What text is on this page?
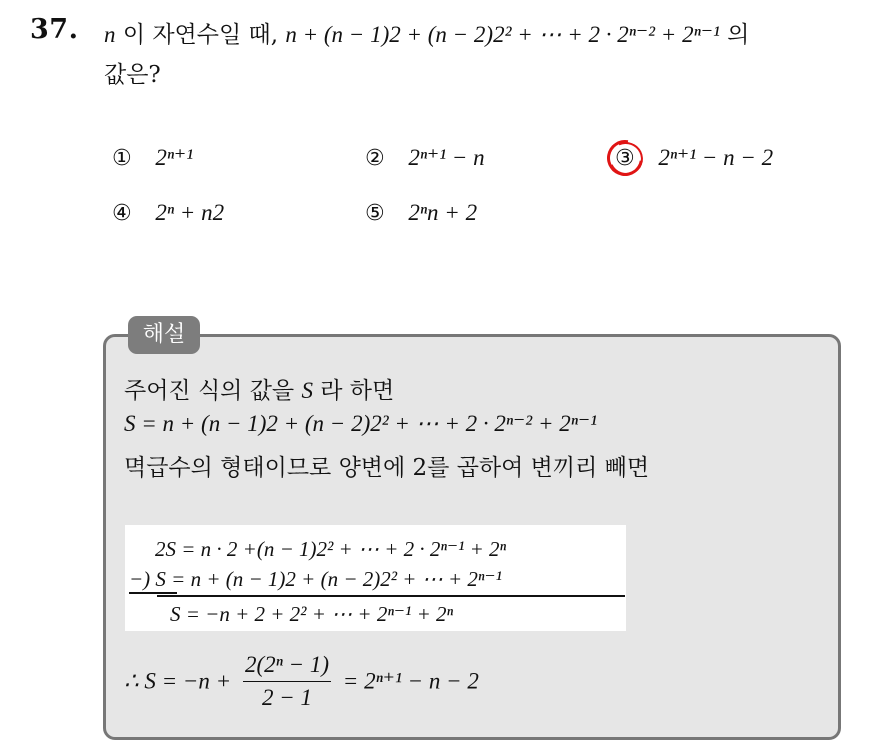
37. n 이 자연수일 때, n + (n − 1)2 + (n − 2)2² + ⋯ + 2 · 2ⁿ⁻² + 2ⁿ⁻¹ 의
값은?
① 2ⁿ⁺¹	② 2ⁿ⁺¹ − n	③ 2ⁿ⁺¹ − n − 2
④ 2ⁿ + n2	⑤ 2ⁿn + 2
해설
주어진 식의 값을 S 라 하면
S = n + (n − 1)2 + (n − 2)2² + ⋯ + 2 · 2ⁿ⁻² + 2ⁿ⁻¹
멱급수의 형태이므로 양변에 2를 곱하여 변끼리 빼면
2S = n · 2 +(n − 1)2² + ⋯ + 2 · 2ⁿ⁻¹ + 2ⁿ
−) S = n + (n − 1)2 + (n − 2)2² + ⋯ + 2ⁿ⁻¹
S = −n + 2 + 2² + ⋯ + 2ⁿ⁻¹ + 2ⁿ
∴ $S = -n + \frac{\text{2(2ⁿ − 1)}}{2 - 1} = 2^{n+1} - n - 2$
